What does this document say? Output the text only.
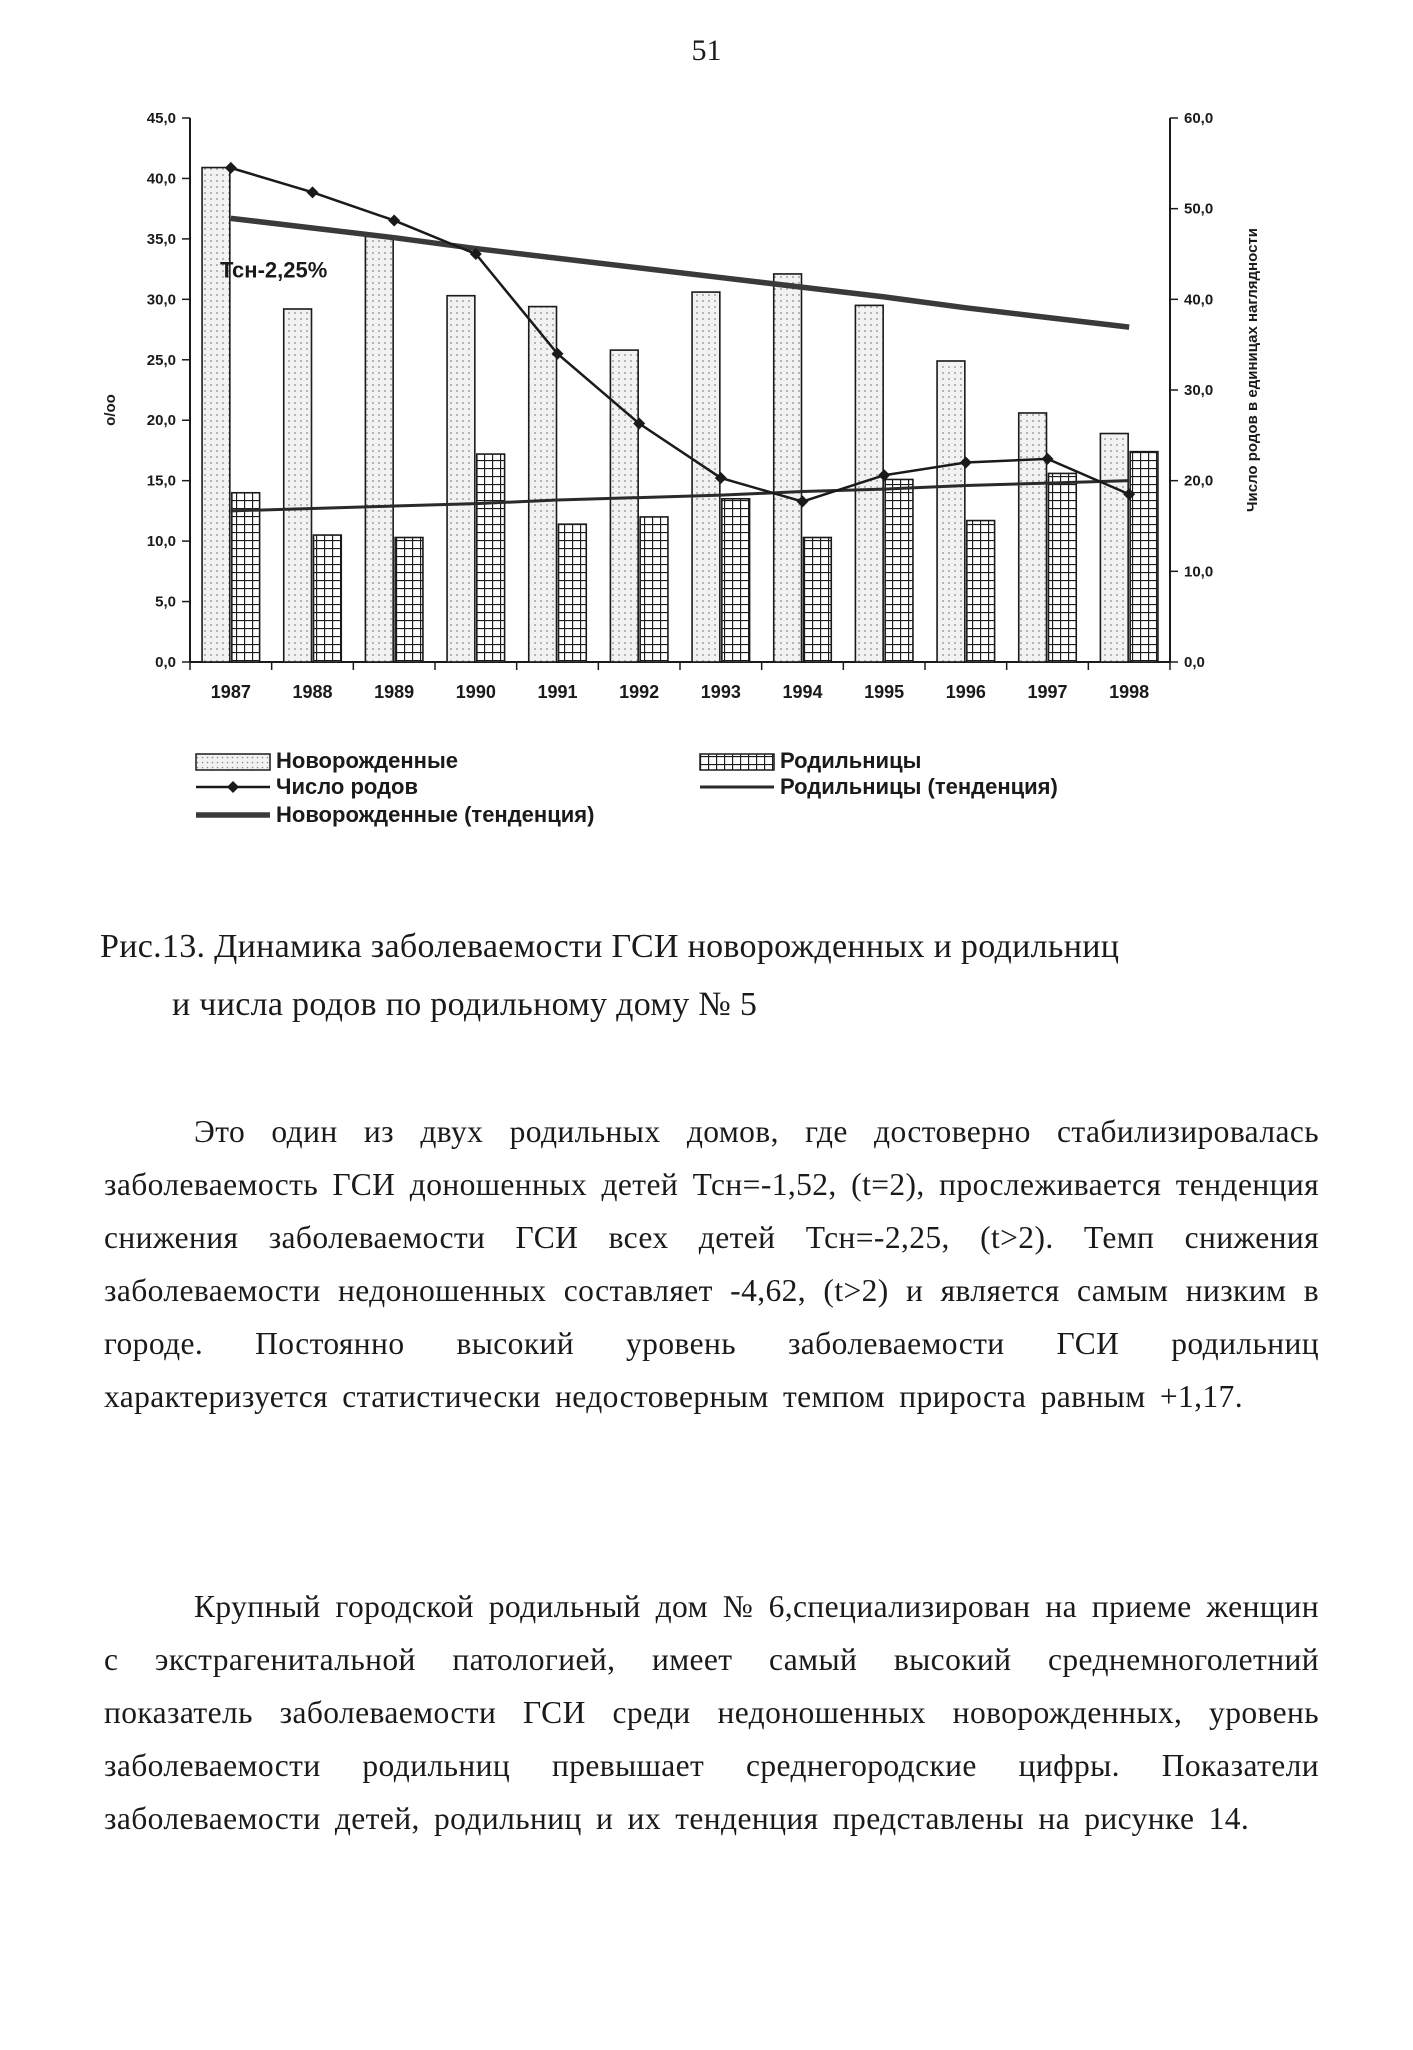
51
0,0
5,0
10,0
15,0
20,0
25,0
30,0
35,0
40,0
45,0
0,0
10,0
20,0
30,0
40,0
50,0
60,0
1987 1988 1989 1990 1991 1992 1993 1994 1995 1996 1997 1998
o/oo	Число родов в единицах наглядности
Тсн-2,25%
Новорожденные	Родильницы
Число родов	Родильницы (тенденция)
Новорожденные (тенденция)
Рис.13. Динамика заболеваемости ГСИ новорожденных и родильниц
и числа родов по родильному дому № 5

Это один из двух родильных домов, где достоверно стабилизировалась заболеваемость ГСИ доношенных детей Тсн=-1,52, (t=2), прослеживается тенденция снижения заболеваемости ГСИ всех детей Тсн=-2,25, (t>2). Темп снижения заболеваемости недоношенных составляет -4,62, (t>2) и является самым низким в городе. Постоянно высокий уровень заболеваемости ГСИ родильниц характеризуется статистически недостоверным темпом прироста равным +1,17.

Крупный городской родильный дом № 6,специализирован на приеме женщин с экстрагенитальной патологией, имеет самый высокий среднемноголетний показатель заболеваемости ГСИ среди недоношенных новорожденных, уровень заболеваемости родильниц превышает среднегородские цифры. Показатели заболеваемости детей, родильниц и их тенденция представлены на рисунке 14.
